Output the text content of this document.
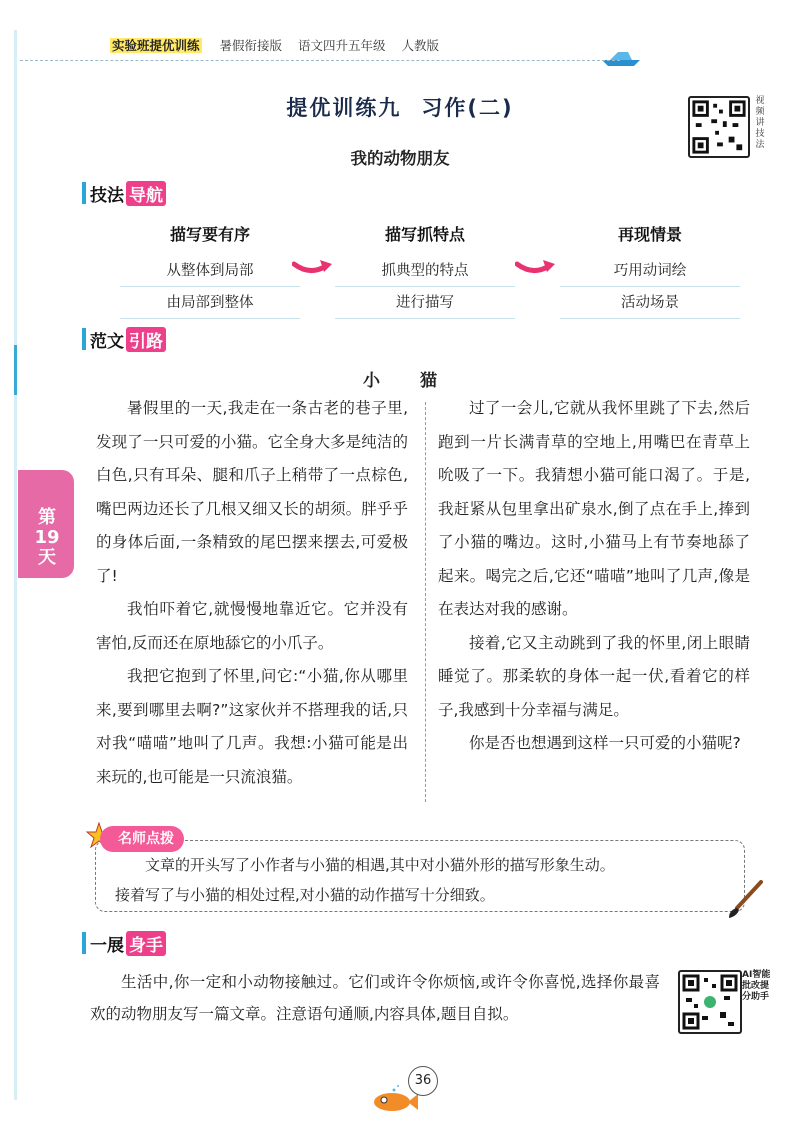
实验班提优训练 暑假衔接版 语文四升五年级 人教版
提优训练九 习作(二)	视频讲技法
我的动物朋友
技法 导航
描写要有序
从整体到局部
由局部到整体
描写抓特点
抓典型的特点
进行描写
再现情景
巧用动词绘
活动场景
范文 引路
小猫
第19天

暑假里的一天,我走在一条古老的巷子里,发现了一只可爱的小猫。它全身大多是纯洁的白色,只有耳朵、腿和爪子上稍带了一点棕色,嘴巴两边还长了几根又细又长的胡须。胖乎乎的身体后面,一条精致的尾巴摆来摆去,可爱极了!

我怕吓着它,就慢慢地靠近它。它并没有害怕,反而还在原地舔它的小爪子。

我把它抱到了怀里,问它:“小猫,你从哪里来,要到哪里去啊?”这家伙并不搭理我的话,只对我“喵喵”地叫了几声。我想:小猫可能是出来玩的,也可能是一只流浪猫。

过了一会儿,它就从我怀里跳了下去,然后跑到一片长满青草的空地上,用嘴巴在青草上吮吸了一下。我猜想小猫可能口渴了。于是,我赶紧从包里拿出矿泉水,倒了点在手上,捧到了小猫的嘴边。这时,小猫马上有节奏地舔了起来。喝完之后,它还“喵喵”地叫了几声,像是在表达对我的感谢。

接着,它又主动跳到了我的怀里,闭上眼睛睡觉了。那柔软的身体一起一伏,看着它的样子,我感到十分幸福与满足。

你是否也想遇到这样一只可爱的小猫呢?

名师点拨

文章的开头写了小作者与小猫的相遇,其中对小猫外形的描写形象生动。

接着写了与小猫的相处过程,对小猫的动作描写十分细致。

一展 身手

生活中,你一定和小动物接触过。它们或许令你烦恼,或许令你喜悦,选择你最喜欢的动物朋友写一篇文章。注意语句通顺,内容具体,题目自拟。

AI智能批改提分助手
36
